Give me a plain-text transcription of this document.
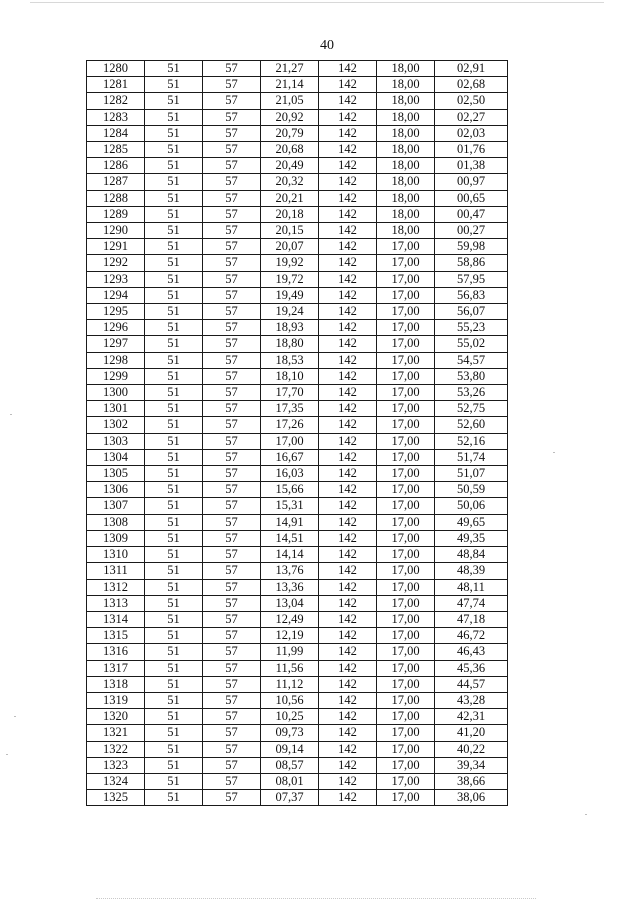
40
1280	51	57	21,27	142	18,00	02,91
1281	51	57	21,14	142	18,00	02,68
1282	51	57	21,05	142	18,00	02,50
1283	51	57	20,92	142	18,00	02,27
1284	51	57	20,79	142	18,00	02,03
1285	51	57	20,68	142	18,00	01,76
1286	51	57	20,49	142	18,00	01,38
1287	51	57	20,32	142	18,00	00,97
1288	51	57	20,21	142	18,00	00,65
1289	51	57	20,18	142	18,00	00,47
1290	51	57	20,15	142	18,00	00,27
1291	51	57	20,07	142	17,00	59,98
1292	51	57	19,92	142	17,00	58,86
1293	51	57	19,72	142	17,00	57,95
1294	51	57	19,49	142	17,00	56,83
1295	51	57	19,24	142	17,00	56,07
1296	51	57	18,93	142	17,00	55,23
1297	51	57	18,80	142	17,00	55,02
1298	51	57	18,53	142	17,00	54,57
1299	51	57	18,10	142	17,00	53,80
1300	51	57	17,70	142	17,00	53,26
1301	51	57	17,35	142	17,00	52,75
1302	51	57	17,26	142	17,00	52,60
1303	51	57	17,00	142	17,00	52,16
1304	51	57	16,67	142	17,00	51,74
1305	51	57	16,03	142	17,00	51,07
1306	51	57	15,66	142	17,00	50,59
1307	51	57	15,31	142	17,00	50,06
1308	51	57	14,91	142	17,00	49,65
1309	51	57	14,51	142	17,00	49,35
1310	51	57	14,14	142	17,00	48,84
1311	51	57	13,76	142	17,00	48,39
1312	51	57	13,36	142	17,00	48,11
1313	51	57	13,04	142	17,00	47,74
1314	51	57	12,49	142	17,00	47,18
1315	51	57	12,19	142	17,00	46,72
1316	51	57	11,99	142	17,00	46,43
1317	51	57	11,56	142	17,00	45,36
1318	51	57	11,12	142	17,00	44,57
1319	51	57	10,56	142	17,00	43,28
1320	51	57	10,25	142	17,00	42,31
1321	51	57	09,73	142	17,00	41,20
1322	51	57	09,14	142	17,00	40,22
1323	51	57	08,57	142	17,00	39,34
1324	51	57	08,01	142	17,00	38,66
1325	51	57	07,37	142	17,00	38,06
